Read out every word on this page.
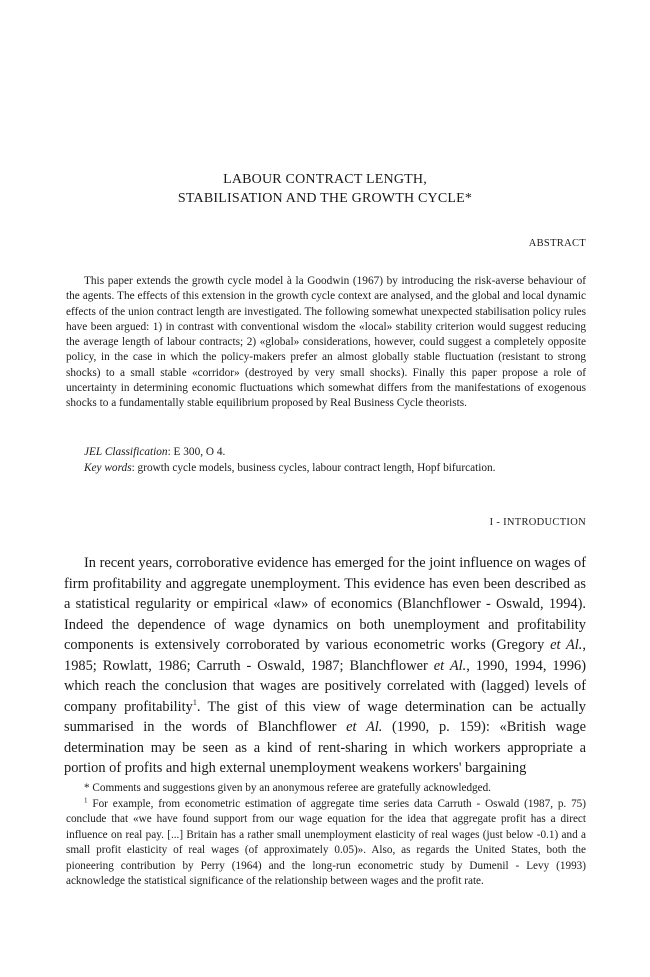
LABOUR CONTRACT LENGTH,
STABILISATION AND THE GROWTH CYCLE*
ABSTRACT

This paper extends the growth cycle model à la Goodwin (1967) by introducing the risk-averse behaviour of the agents. The effects of this extension in the growth cycle context are analysed, and the global and local dynamic effects of the union contract length are investigated. The following somewhat unexpected stabilisation policy rules have been argued: 1) in contrast with conventional wisdom the «local» stability criterion would suggest reducing the average length of labour contracts; 2) «global» considerations, however, could suggest a completely opposite policy, in the case in which the policy-makers prefer an almost globally stable fluctuation (resistant to strong shocks) to a small stable «corridor» (destroyed by very small shocks). Finally this paper propose a role of uncertainty in determining economic fluctuations which somewhat differs from the manifestations of exogenous shocks to a fundamentally stable equilibrium proposed by Real Business Cycle theorists.

JEL Classification: E 300, O 4.
Key words: growth cycle models, business cycles, labour contract length, Hopf bifurcation.
I - INTRODUCTION

In recent years, corroborative evidence has emerged for the joint influence on wages of firm profitability and aggregate unemployment. This evidence has even been described as a statistical regularity or empirical «law» of economics (Blanchflower - Oswald, 1994). Indeed the dependence of wage dynamics on both unemployment and profitability components is extensively corroborated by various econometric works (Gregory et Al., 1985; Rowlatt, 1986; Carruth - Oswald, 1987; Blanchflower et Al., 1990, 1994, 1996) which reach the conclusion that wages are positively correlated with (lagged) levels of company profitability$^1$. The gist of this view of wage determination can be actually summarised in the words of Blanchflower et Al. (1990, p. 159): «British wage determination may be seen as a kind of rent-sharing in which workers appropriate a portion of profits and high external unemployment weakens workers' bargaining

* Comments and suggestions given by an anonymous referee are gratefully acknowledged.

$^1$ For example, from econometric estimation of aggregate time series data Carruth - Oswald (1987, p. 75) conclude that «we have found support from our wage equation for the idea that aggregate profit has a direct influence on real pay. [...] Britain has a rather small unemployment elasticity of real wages (just below -0.1) and a small profit elasticity of real wages (of approximately 0.05)». Also, as regards the United States, both the pioneering contribution by Perry (1964) and the long-run econometric study by Dumenil - Levy (1993) acknowledge the statistical significance of the relationship between wages and the profit rate.
